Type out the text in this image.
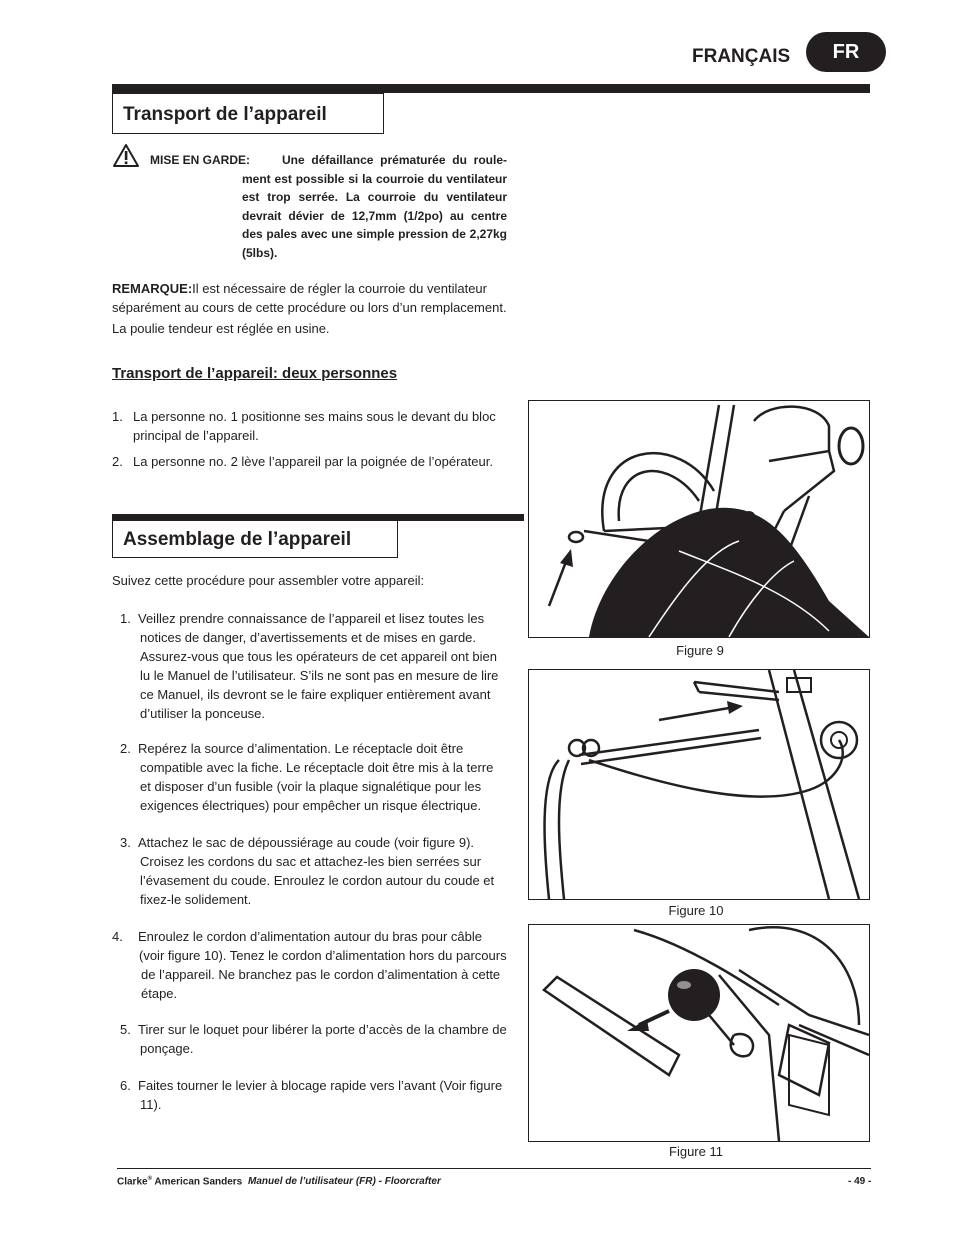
FRANÇAIS	FR
Transport de l’appareil
MISE EN GARDE:	Une défaillance prématurée du roule-
ment est possible si la courroie du ventilateur
est trop serrée. La courroie du ventilateur
devrait dévier de 12,7mm (1/2po) au centre
des pales avec une simple pression de 2,27kg
(5lbs).
REMARQUE:Il est nécessaire de régler la courroie du ventilateur
séparément au cours de cette procédure ou lors d’un remplacement.
La poulie tendeur est réglée en usine.
Transport de l’appareil: deux personnes
1. La personne no. 1 positionne ses mains sous le devant du bloc
principal de l’appareil.
2. La personne no. 2 lève l’appareil par la poignée de l’opérateur.
Assemblage de l’appareil
Suivez cette procédure pour assembler votre appareil:
1. Veillez prendre connaissance de l’appareil et lisez toutes les
notices de danger, d’avertissements et de mises en garde.
Assurez-vous que tous les opérateurs de cet appareil ont bien
lu le Manuel de l’utilisateur. S’ils ne sont pas en mesure de lire
ce Manuel, ils devront se le faire expliquer entièrement avant
d’utiliser la ponceuse.
2. Repérez la source d’alimentation. Le réceptacle doit être
compatible avec la fiche. Le réceptacle doit être mis à la terre
et disposer d’un fusible (voir la plaque signalétique pour les
exigences électriques) pour empêcher un risque électrique.
3. Attachez le sac de dépoussiérage au coude (voir figure 9).
Croisez les cordons du sac et attachez-les bien serrées sur
l’évasement du coude. Enroulez le cordon autour du coude et
fixez-le solidement.
4.	Enroulez le cordon d’alimentation autour du bras pour câble
(voir figure 10). Tenez le cordon d’alimentation hors du parcours
de l’appareil. Ne branchez pas le cordon d’alimentation à cette
étape.
5. Tirer sur le loquet pour libérer la porte d’accès de la chambre de
ponçage.
6. Faites tourner le levier à blocage rapide vers l’avant (Voir figure
11).
Figure 9
Figure 10
Figure 11
Clarke® American Sanders Manuel de l’utilisateur (FR) - Floorcrafter	- 49 -
